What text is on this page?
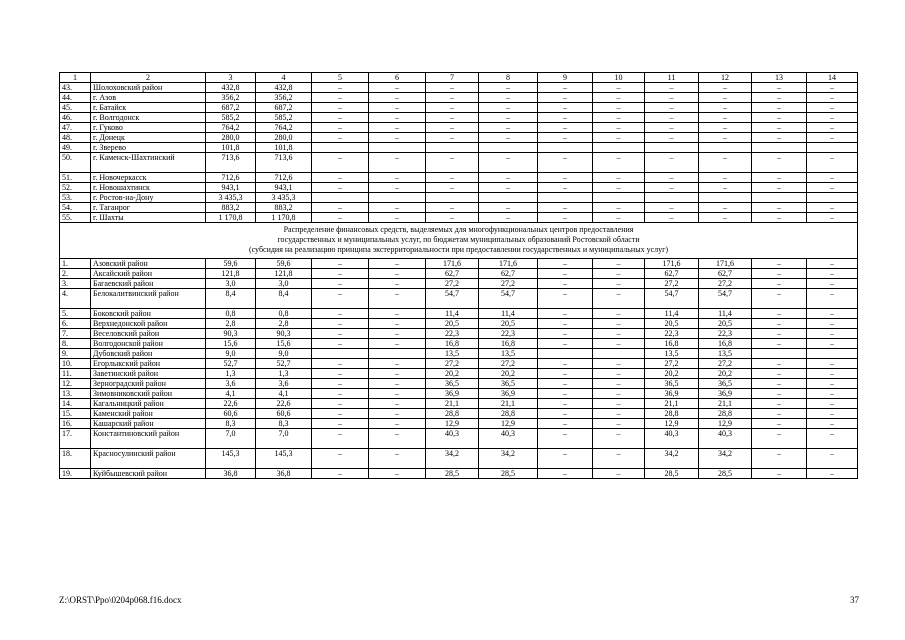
1	2	3	4	5	6	7	8	9	10	11	12	13	14
43.	Шолоховский район	432,8	432,8	–	–	–	–	–	–	–	–	–	–
44.	г. Азов	356,2	356,2	–	–	–	–	–	–	–	–	–	–
45.	г. Батайск	687,2	687,2	–	–	–	–	–	–	–	–	–	–
46.	г. Волгодонск	585,2	585,2	–	–	–	–	–	–	–	–	–	–
47.	г. Гуково	764,2	764,2	–	–	–	–	–	–	–	–	–	–
48.	г. Донецк	280,0	280,0	–	–	–	–	–	–	–	–	–	–
49.	г. Зверево	101,8	101,8										
50.	г. Каменск-Шахтинский	713,6	713,6	–	–	–	–	–	–	–	–	–	–
51.	г. Новочеркасск	712,6	712,6	–	–	–	–	–	–	–	–	–	–
52.	г. Новошахтинск	943,1	943,1	–	–	–	–	–	–	–	–	–	–
53.	г. Ростов-на-Дону	3 435,3	3 435,3										
54.	г. Таганрог	883,2	883,2	–	–	–	–	–	–	–	–	–	–
55.	г. Шахты	1 170,8	1 170,8	–	–	–	–	–	–	–	–	–	–

Распределение финансовых средств, выделяемых для многофункциональных центров предоставления
государственных и муниципальных услуг, по бюджетам муниципальных образований Ростовской области
(субсидия на реализацию принципа экстерриториальности при предоставлении государственных и муниципальных услуг)													

1.	Азовский район	59,6	59,6	–	–	171,6	171,6	–	–	171,6	171,6	–	–
2.	Аксайский район	121,8	121,8	–	–	62,7	62,7	–	–	62,7	62,7	–	–
3.	Багаевский район	3,0	3,0	–	–	27,2	27,2	–	–	27,2	27,2	–	–
4.	Белокалитвинский район	8,4	8,4	–	–	54,7	54,7	–	–	54,7	54,7	–	–
5.	Боковский район	0,8	0,8	–	–	11,4	11,4	–	–	11,4	11,4	–	–
6.	Верхнедонской район	2,8	2,8	–	–	20,5	20,5	–	–	20,5	20,5	–	–
7.	Веселовский район	90,3	90,3	–	–	22,3	22,3	–	–	22,3	22,3	–	–
8.	Волгодонской район	15,6	15,6	–	–	16,8	16,8	–	–	16,8	16,8	–	–
9.	Дубовский район	9,0	9,0			13,5	13,5			13,5	13,5		
10.	Егорлыкский район	52,7	52,7	–	–	27,2	27,2	–	–	27,2	27,2	–	–
11.	Заветинский район	1,3	1,3	–	–	20,2	20,2	–	–	20,2	20,2	–	–
12.	Зерноградский район	3,6	3,6	–	–	36,5	36,5	–	–	36,5	36,5	–	–
13.	Зимовниковский район	4,1	4,1	–	–	36,9	36,9	–	–	36,9	36,9	–	–
14.	Кагальницкий район	22,6	22,6	–	–	21,1	21,1	–	–	21,1	21,1	–	–
15.	Каменский район	60,6	60,6	–	–	28,8	28,8	–	–	28,8	28,8	–	–
16.	Кашарский район	8,3	8,3	–	–	12,9	12,9	–	–	12,9	12,9	–	–
17.	Константиновский район	7,0	7,0	–	–	40,3	40,3	–	–	40,3	40,3	–	–
18.	Красносулинский район	145,3	145,3	–	–	34,2	34,2	–	–	34,2	34,2	–	–
19.	Куйбышевский район	36,8	36,8	–	–	28,5	28,5	–	–	28,5	28,5	–	–
Z:\ORST\Ppo\0204p068.f16.docx	37
